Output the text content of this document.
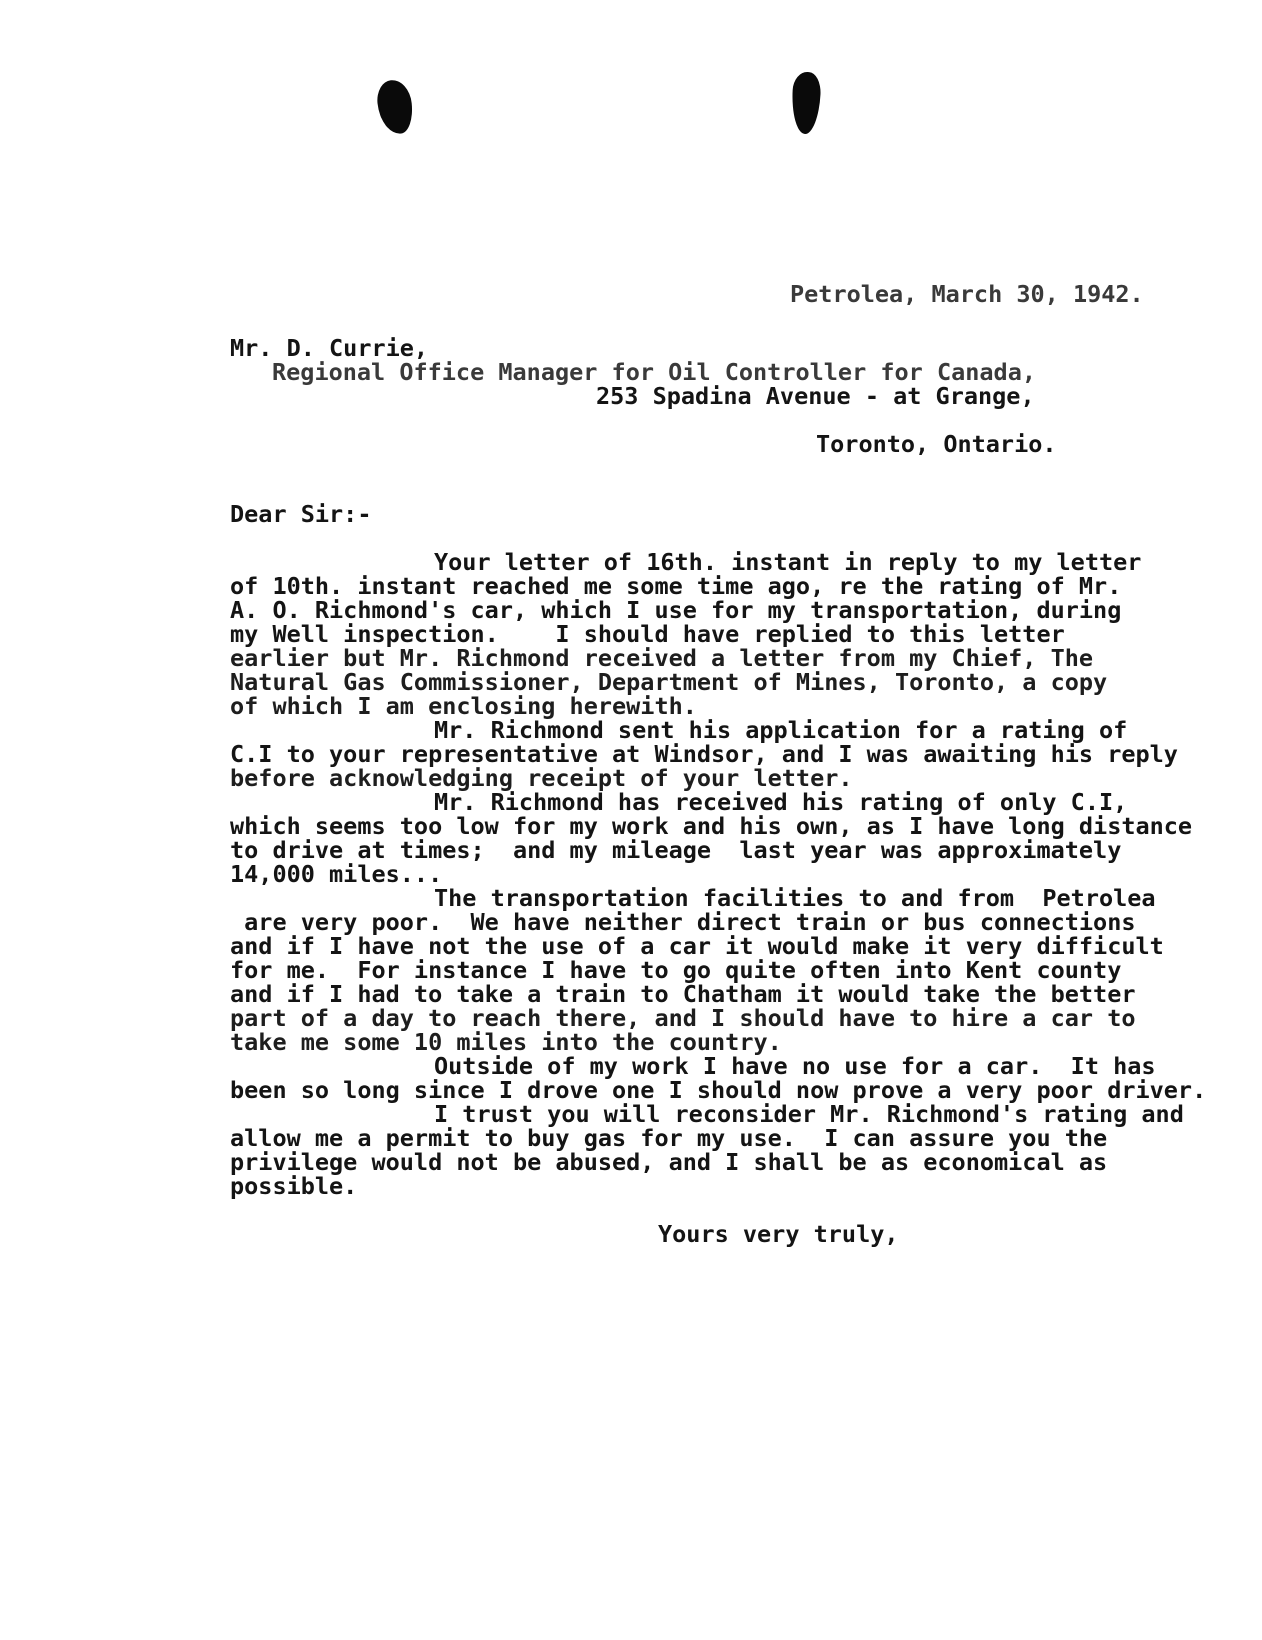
Petrolea, March 30, 1942.

Mr. D. Currie,

Regional Office Manager for Oil Controller for Canada,

253 Spadina Avenue - at Grange,

Toronto, Ontario.

Dear Sir:-

Your letter of 16th. instant in reply to my letter

of 10th. instant reached me some time ago, re the rating of Mr.

A. O. Richmond's car, which I use for my transportation, during

my Well inspection.    I should have replied to this letter

earlier but Mr. Richmond received a letter from my Chief, The

Natural Gas Commissioner, Department of Mines, Toronto, a copy

of which I am enclosing herewith.

Mr. Richmond sent his application for a rating of

C.I to your representative at Windsor, and I was awaiting his reply

before acknowledging receipt of your letter.

Mr. Richmond has received his rating of only C.I,

which seems too low for my work and his own, as I have long distance

to drive at times;  and my mileage  last year was approximately

14,000 miles...

The transportation facilities to and from  Petrolea

are very poor.  We have neither direct train or bus connections

and if I have not the use of a car it would make it very difficult

for me.  For instance I have to go quite often into Kent county

and if I had to take a train to Chatham it would take the better

part of a day to reach there, and I should have to hire a car to

take me some 10 miles into the country.

Outside of my work I have no use for a car.  It has

been so long since I drove one I should now prove a very poor driver.

I trust you will reconsider Mr. Richmond's rating and

allow me a permit to buy gas for my use.  I can assure you the

privilege would not be abused, and I shall be as economical as

possible.

Yours very truly,
